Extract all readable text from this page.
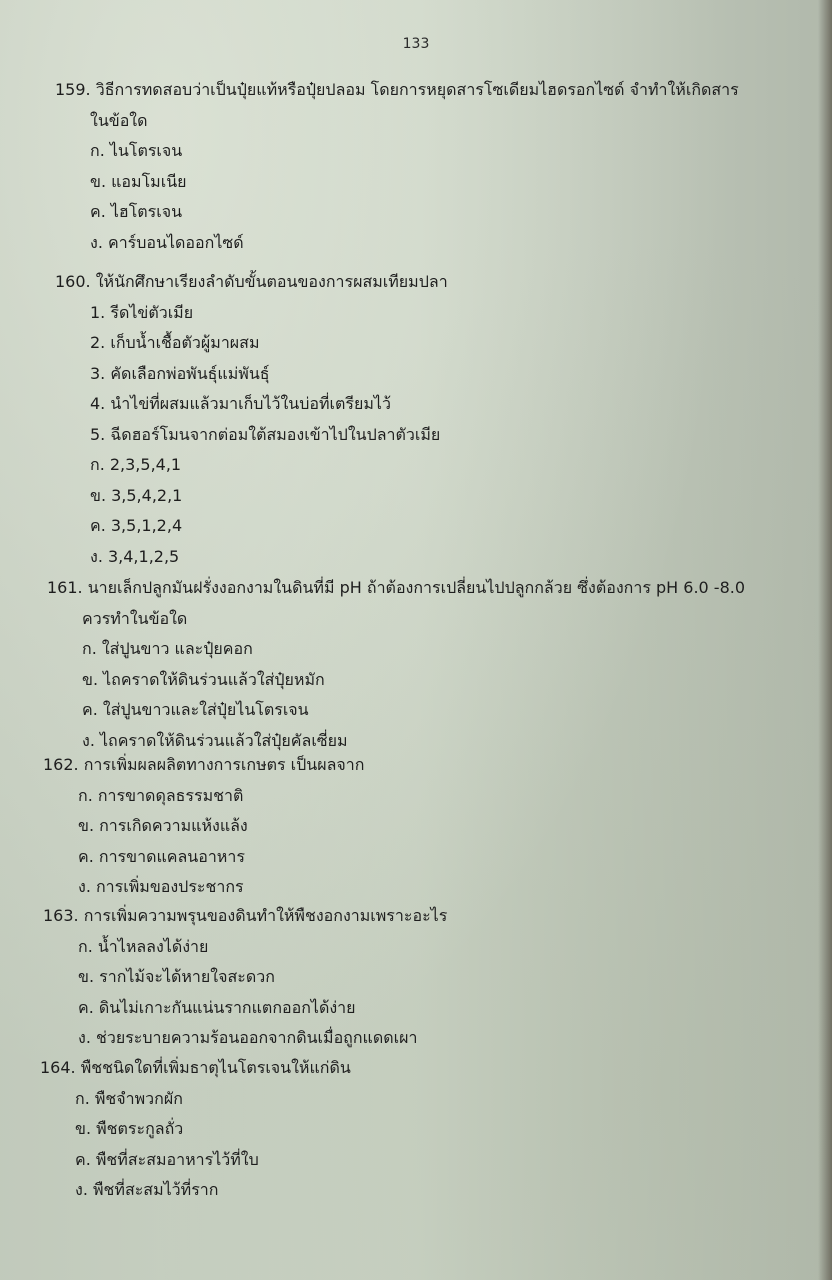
133
159. วิธีการทดสอบว่าเป็นปุ๋ยแท้หรือปุ๋ยปลอม โดยการหยุดสารโซเดียมไฮดรอกไซด์ จำทำให้เกิดสาร
ในข้อใด
ก. ไนโตรเจน
ข. แอมโมเนีย
ค. ไฮโตรเจน
ง. คาร์บอนไดออกไซด์
160. ให้นักศึกษาเรียงลำดับขั้นตอนของการผสมเทียมปลา
1. รีดไข่ตัวเมีย
2. เก็บน้ำเชื้อตัวผู้มาผสม
3. คัดเลือกพ่อพันธุ์แม่พันธุ์
4. นำไข่ที่ผสมแล้วมาเก็บไว้ในบ่อที่เตรียมไว้
5. ฉีดฮอร์โมนจากต่อมใต้สมองเข้าไปในปลาตัวเมีย
ก. 2,3,5,4,1
ข. 3,5,4,2,1
ค. 3,5,1,2,4
ง. 3,4,1,2,5
161. นายเล็กปลูกมันฝรั่งงอกงามในดินที่มี pH ถ้าต้องการเปลี่ยนไปปลูกกล้วย ซึ่งต้องการ pH 6.0 -8.0
ควรทำในข้อใด
ก. ใส่ปูนขาว และปุ๋ยคอก
ข. ไถคราดให้ดินร่วนแล้วใส่ปุ๋ยหมัก
ค. ใส่ปูนขาวและใส่ปุ๋ยไนโตรเจน
ง. ไถคราดให้ดินร่วนแล้วใส่ปุ๋ยคัลเซี่ยม
162. การเพิ่มผลผลิตทางการเกษตร เป็นผลจาก
ก. การขาดดุลธรรมชาติ
ข. การเกิดความแห้งแล้ง
ค. การขาดแคลนอาหาร
ง. การเพิ่มของประชากร
163. การเพิ่มความพรุนของดินทำให้พืชงอกงามเพราะอะไร
ก. น้ำไหลลงได้ง่าย
ข. รากไม้จะได้หายใจสะดวก
ค. ดินไม่เกาะกันแน่นรากแตกออกได้ง่าย
ง. ช่วยระบายความร้อนออกจากดินเมื่อถูกแดดเผา
164. พืชชนิดใดที่เพิ่มธาตุไนโตรเจนให้แก่ดิน
ก. พืชจำพวกผัก
ข. พืชตระกูลถั่ว
ค. พืชที่สะสมอาหารไว้ที่ใบ
ง. พืชที่สะสมไว้ที่ราก
